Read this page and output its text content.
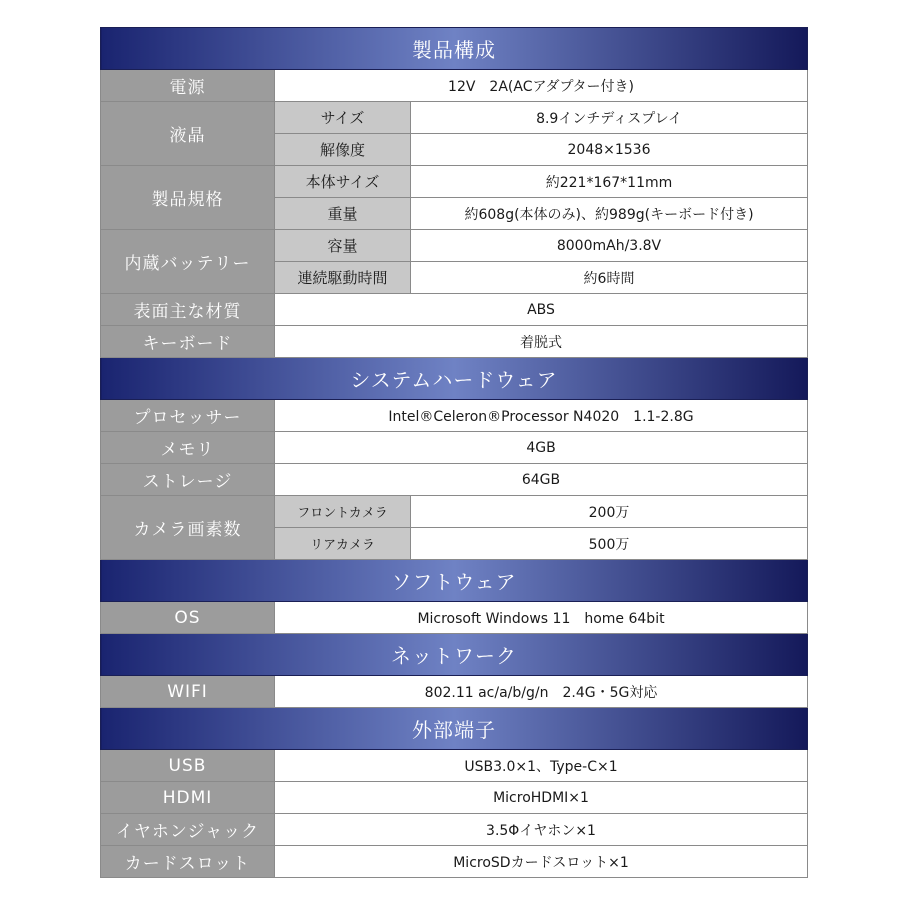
製品構成		
電源	12V　2A(ACアダプター付き)	
液晶	サイズ	8.9インチディスプレイ
	解像度	2048×1536
製品規格	本体サイズ	約221*167*11mm
	重量	約608g(本体のみ)、約989g(キーボード付き)
内蔵バッテリー	容量	8000mAh/3.8V
	連続駆動時間	約6時間
表面主な材質	ABS	
キーボード	着脱式	
システムハードウェア		
プロセッサー	Intel®Celeron®Processor N4020　1.1-2.8G	
メモリ	4GB	
ストレージ	64GB	
カメラ画素数	フロントカメラ	200万
	リアカメラ	500万
ソフトウェア		
OS	Microsoft Windows 11　home 64bit	
ネットワーク		
WIFI	802.11 ac/a/b/g/n　2.4G・5G対応	
外部端子		
USB	USB3.0×1、Type-C×1	
HDMI	MicroHDMI×1	
イヤホンジャック	3.5Φイヤホン×1	
カードスロット	MicroSDカードスロット×1	
